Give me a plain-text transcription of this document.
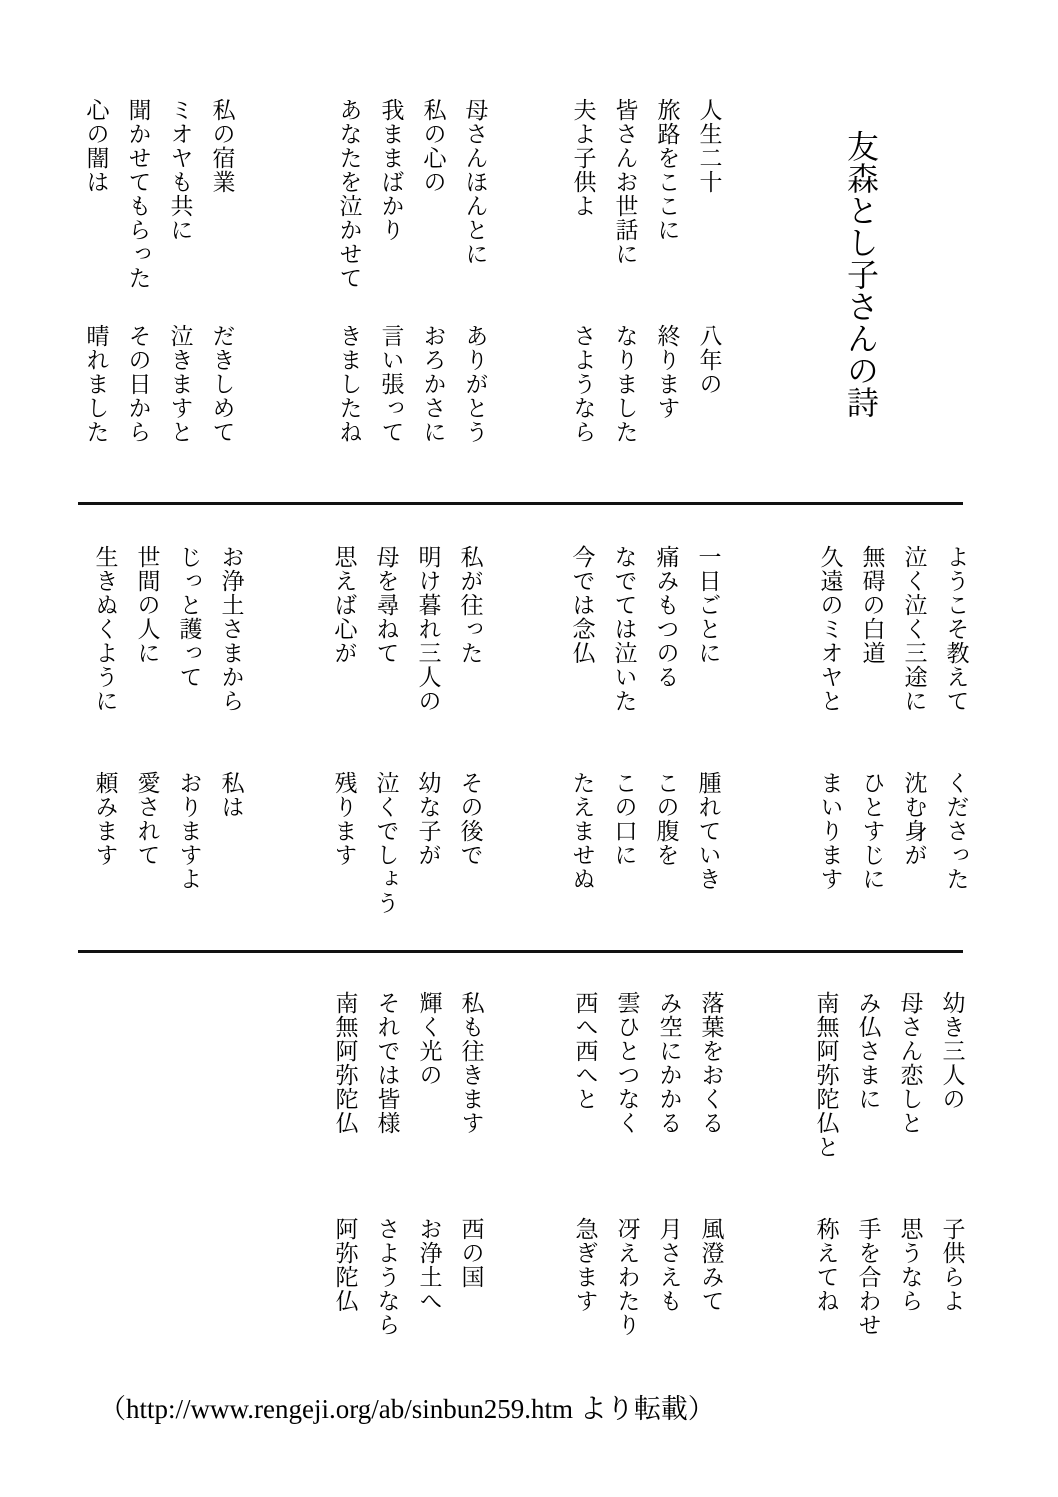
友森とし子さんの詩
人生二十
八年の
旅路をここに
終ります
皆さんお世話に
なりました
夫よ子供よ
さようなら
母さんほんとに
ありがとう
私の心の
おろかさに
我ままばかり
言い張って
あなたを泣かせて
きましたね
私の宿業
だきしめて
ミオヤも共に
泣きますと
聞かせてもらった
その日から
心の闇は
晴れました
ようこそ教えて
くださった
泣く泣く三途に
沈む身が
無碍の白道
ひとすじに
久遠のミオヤと
まいります
一日ごとに
腫れていき
痛みもつのる
この腹を
なでては泣いた
この口に
今では念仏
たえませぬ
私が往った
その後で
明け暮れ三人の
幼な子が
母を尋ねて
泣くでしょう
思えば心が
残ります
お浄土さまから
私は
じっと護って
おりますよ
世間の人に
愛されて
生きぬくように
頼みます
幼き三人の
子供らよ
母さん恋しと
思うなら
み仏さまに
手を合わせ
南無阿弥陀仏と
称えてね
落葉をおくる
風澄みて
み空にかかる
月さえも
雲ひとつなく
冴えわたり
西へ西へと
急ぎます
私も往きます
西の国
輝く光の
お浄土へ
それでは皆様
さようなら
南無阿弥陀仏
阿弥陀仏
（http://www.rengeji.org/ab/sinbun259.htm より転載）
